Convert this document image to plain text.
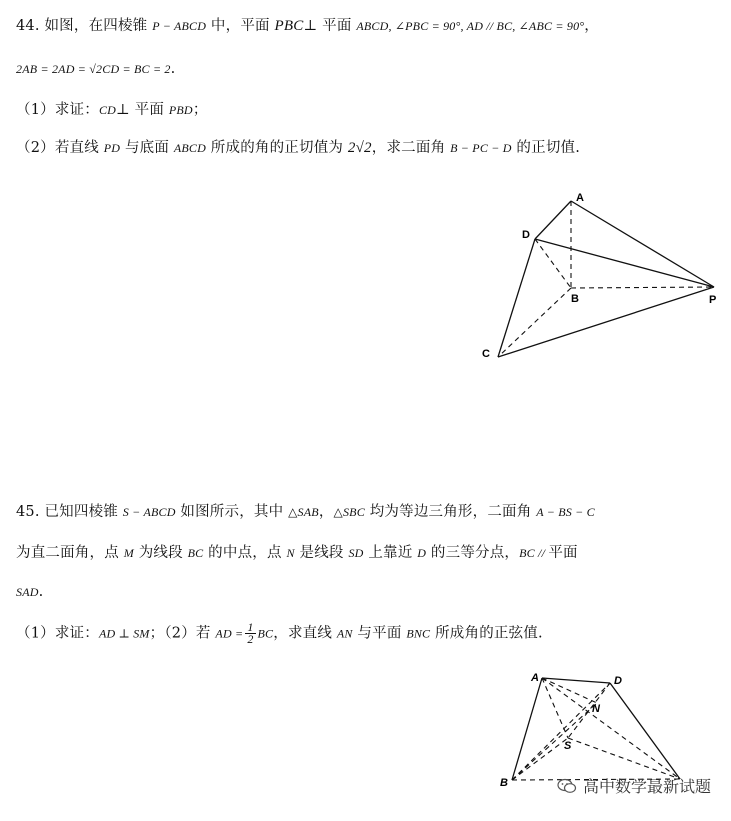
44. 如图，在四棱锥 P − ABCD 中，平面 PBC⊥ 平面 ABCD, ∠PBC = 90°, AD // BC, ∠ABC = 90°，
2AB = 2AD = √2CD = BC = 2.
（1）求证：CD⊥ 平面 PBD；
（2）若直线 PD 与底面 ABCD 所成的角的正切值为 2√2，求二面角 B − PC − D 的正切值.
A
D
B	P
C
A	D
N
S
B
45. 已知四棱锥 S − ABCD 如图所示，其中 △SAB，△SBC 均为等边三角形，二面角 A − BS − C
为直二面角，点 M 为线段 BC 的中点，点 N 是线段 SD 上靠近 D 的三等分点，BC // 平面
SAD.
（1）求证：AD ⊥ SM；（2）若 AD = $\frac{1}{2}$ BC，求直线 AN 与平面 BNC 所成角的正弦值.
高中数学最新试题
